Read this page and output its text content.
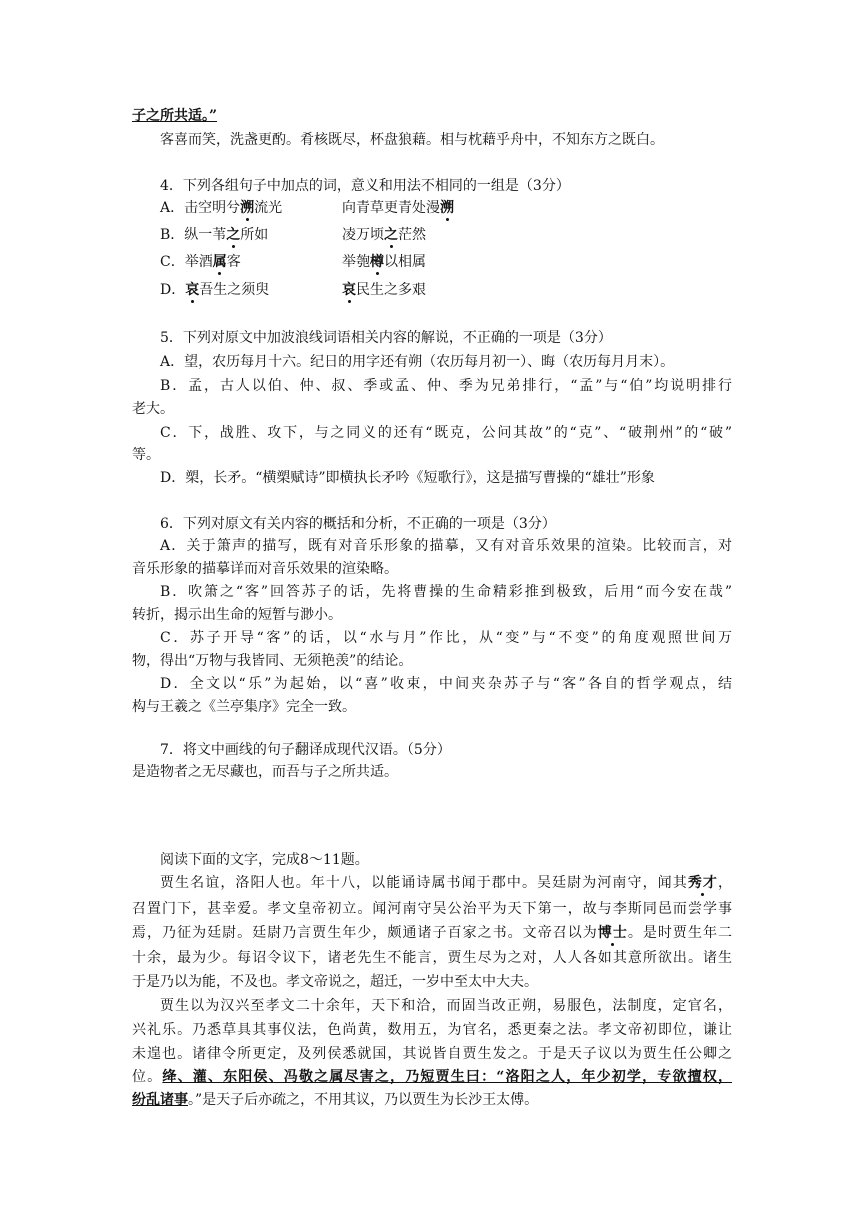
子之所共适。”
客喜而笑，洗盏更酌。肴核既尽，杯盘狼藉。相与枕藉乎舟中，不知东方之既白。
4．下列各组句子中加点的词，意义和用法不相同的一组是（3分）
A．击空明兮溯流光	向青草更青处漫溯
B．纵一苇之所如	凌万顷之茫然
C．举酒属客	举匏樽以相属
D．哀吾生之须臾	哀民生之多艰
5．下列对原文中加波浪线词语相关内容的解说，不正确的一项是（3分）
A．望，农历每月十六。纪日的用字还有朔（农历每月初一）、晦（农历每月月末）。
B．孟，古人以伯、仲、叔、季或孟、仲、季为兄弟排行，“孟”与“伯”均说明排行
老大。
C．下，战胜、攻下，与之同义的还有“既克，公问其故”的“克”、“破荆州”的“破”
等。
D．槊，长矛。“横槊赋诗”即横执长矛吟《短歌行》，这是描写曹操的“雄壮”形象
6．下列对原文有关内容的概括和分析，不正确的一项是（3分）
A．关于箫声的描写，既有对音乐形象的描摹，又有对音乐效果的渲染。比较而言，对
音乐形象的描摹详而对音乐效果的渲染略。
B．吹箫之“客”回答苏子的话，先将曹操的生命精彩推到极致，后用“而今安在哉”
转折，揭示出生命的短暂与渺小。
C．苏子开导“客”的话，以“水与月”作比，从“变”与“不变”的角度观照世间万
物，得出“万物与我皆同、无须艳羡”的结论。
D．全文以“乐”为起始，以“喜”收束，中间夹杂苏子与“客”各自的哲学观点，结
构与王羲之《兰亭集序》完全一致。
7．将文中画线的句子翻译成现代汉语。（5分）
是造物者之无尽藏也，而吾与子之所共适。
阅读下面的文字，完成8～11题。
贾生名谊，洛阳人也。年十八，以能诵诗属书闻于郡中。吴廷尉为河南守，闻其秀才，
召置门下，甚幸爱。孝文皇帝初立。闻河南守吴公治平为天下第一，故与李斯同邑而尝学事
焉，乃征为廷尉。廷尉乃言贾生年少，颇通诸子百家之书。文帝召以为博士。是时贾生年二
十余，最为少。每诏令议下，诸老先生不能言，贾生尽为之对，人人各如其意所欲出。诸生
于是乃以为能，不及也。孝文帝说之，超迁，一岁中至太中大夫。
贾生以为汉兴至孝文二十余年，天下和洽，而固当改正朔，易服色，法制度，定官名，
兴礼乐。乃悉草具其事仪法，色尚黄，数用五，为官名，悉更秦之法。孝文帝初即位，谦让
未遑也。诸律令所更定，及列侯悉就国，其说皆自贾生发之。于是天子议以为贾生任公卿之
位。绛、灌、东阳侯、冯敬之属尽害之，乃短贾生曰：“洛阳之人，年少初学，专欲擅权，
纷乱诸事。”是天子后亦疏之，不用其议，乃以贾生为长沙王太傅。
